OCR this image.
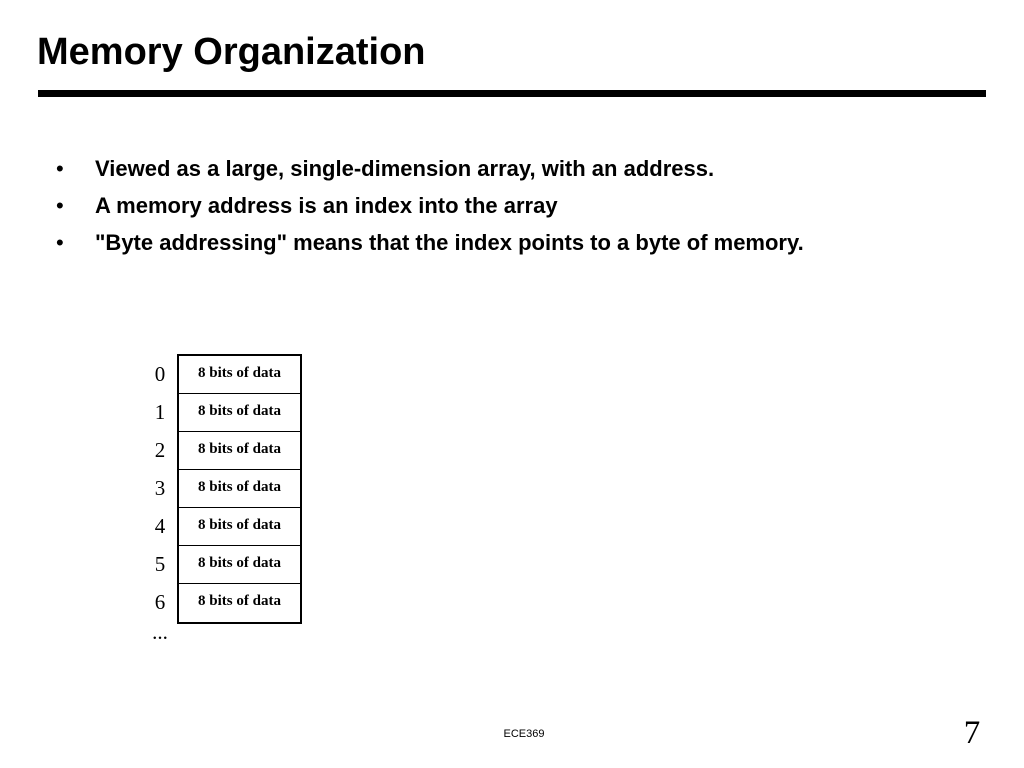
Memory Organization
• Viewed as a large, single-dimension array, with an address.
• A memory address is an index into the array
• "Byte addressing" means that the index points to a byte of memory.
0
1
2
3
4
5
6
...
8 bits of data
8 bits of data
8 bits of data
8 bits of data
8 bits of data
8 bits of data
8 bits of data
ECE369	7
